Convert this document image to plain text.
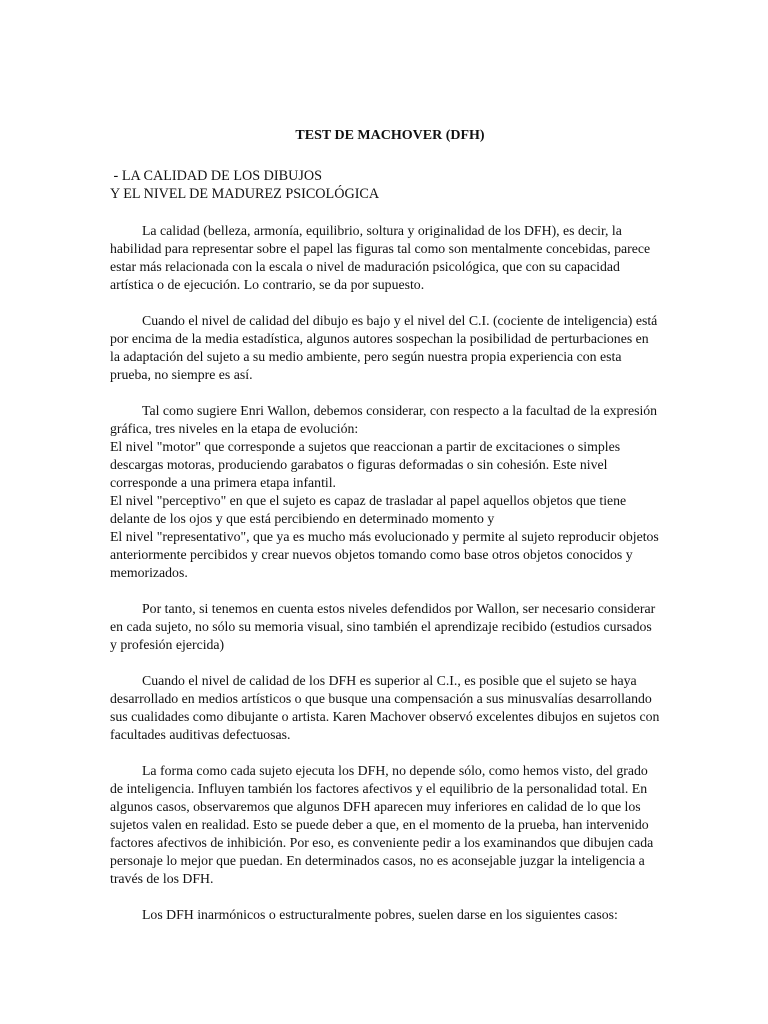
TEST DE MACHOVER (DFH)
- LA CALIDAD DE LOS DIBUJOS
Y EL NIVEL DE MADUREZ PSICOLÓGICA

La calidad (belleza, armonía, equilibrio, soltura y originalidad de los DFH), es decir, la habilidad para representar sobre el papel las figuras tal como son mentalmente concebidas, parece estar más relacionada con la escala o nivel de maduración psicológica, que con su capacidad artística o de ejecución. Lo contrario, se da por supuesto.

Cuando el nivel de calidad del dibujo es bajo y el nivel del C.I. (cociente de inteligencia) está por encima de la media estadística, algunos autores sospechan la posibilidad de perturbaciones en la adaptación del sujeto a su medio ambiente, pero según nuestra propia experiencia con esta prueba, no siempre es así.

Tal como sugiere Enri Wallon, debemos considerar, con respecto a la facultad de la expresión gráfica, tres niveles en la etapa de evolución:
El nivel "motor" que corresponde a sujetos que reaccionan a partir de excitaciones o simples descargas motoras, produciendo garabatos o figuras deformadas o sin cohesión. Este nivel corresponde a una primera etapa infantil.
El nivel "perceptivo" en que el sujeto es capaz de trasladar al papel aquellos objetos que tiene delante de los ojos y que está percibiendo en determinado momento y
El nivel "representativo", que ya es mucho más evolucionado y permite al sujeto reproducir objetos anteriormente percibidos y crear nuevos objetos tomando como base otros objetos conocidos y memorizados.

Por tanto, si tenemos en cuenta estos niveles defendidos por Wallon, ser necesario considerar en cada sujeto, no sólo su memoria visual, sino también el aprendizaje recibido (estudios cursados y profesión ejercida)

Cuando el nivel de calidad de los DFH es superior al C.I., es posible que el sujeto se haya desarrollado en medios artísticos o que busque una compensación a sus minusvalías desarrollando sus cualidades como dibujante o artista. Karen Machover observó excelentes dibujos en sujetos con facultades auditivas defectuosas.

La forma como cada sujeto ejecuta los DFH, no depende sólo, como hemos visto, del grado de inteligencia. Influyen también los factores afectivos y el equilibrio de la personalidad total. En algunos casos, observaremos que algunos DFH aparecen muy inferiores en calidad de lo que los sujetos valen en realidad. Esto se puede deber a que, en el momento de la prueba, han intervenido factores afectivos de inhibición. Por eso, es conveniente pedir a los examinandos que dibujen cada personaje lo mejor que puedan. En determinados casos, no es aconsejable juzgar la inteligencia a través de los DFH.

Los DFH inarmónicos o estructuralmente pobres, suelen darse en los siguientes casos:
